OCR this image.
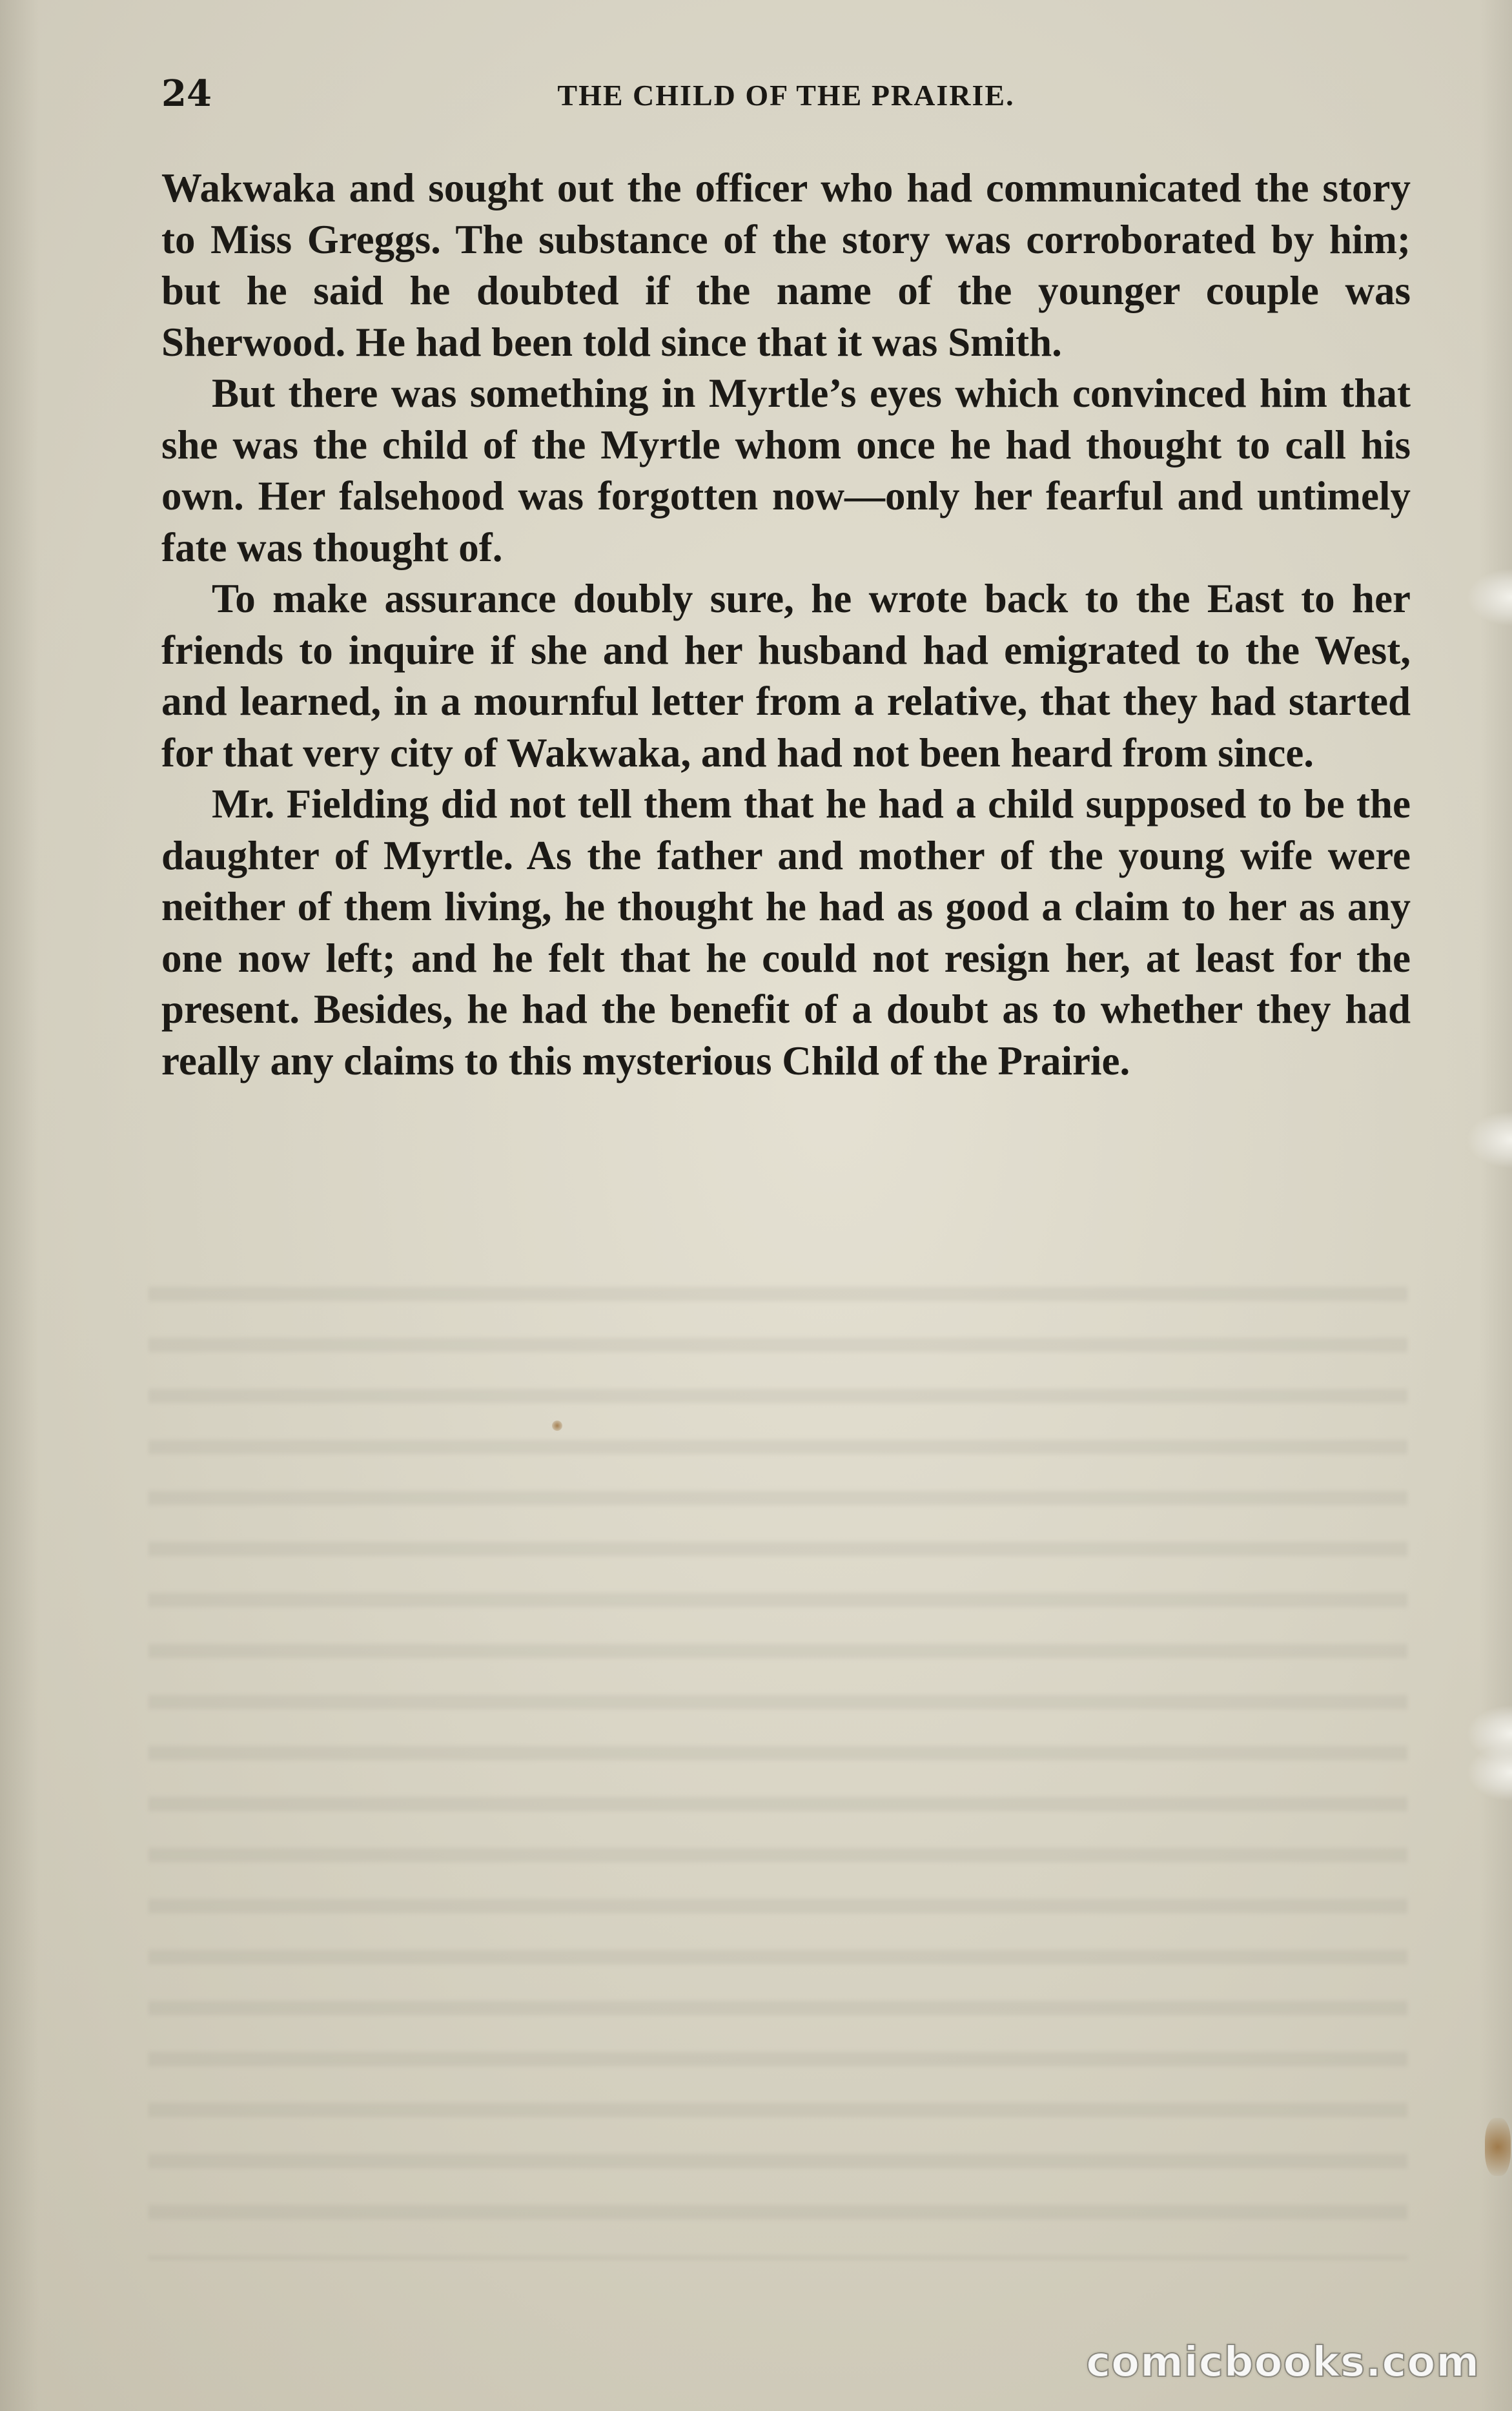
24	THE CHILD OF THE PRAIRIE.

Wakwaka and sought out the officer who had communicated the story to Miss Greggs. The substance of the story was corroborated by him; but he said he doubted if the name of the younger couple was Sherwood. He had been told since that it was Smith.

But there was something in Myrtle’s eyes which convinced him that she was the child of the Myrtle whom once he had thought to call his own. Her falsehood was forgotten now—only her fearful and untimely fate was thought of.

To make assurance doubly sure, he wrote back to the East to her friends to inquire if she and her husband had emigrated to the West, and learned, in a mournful letter from a relative, that they had started for that very city of Wakwaka, and had not been heard from since.

Mr. Fielding did not tell them that he had a child supposed to be the daughter of Myrtle. As the father and mother of the young wife were neither of them living, he thought he had as good a claim to her as any one now left; and he felt that he could not resign her, at least for the present. Besides, he had the benefit of a doubt as to whether they had really any claims to this mysterious Child of the Prairie.

comicbooks.com
